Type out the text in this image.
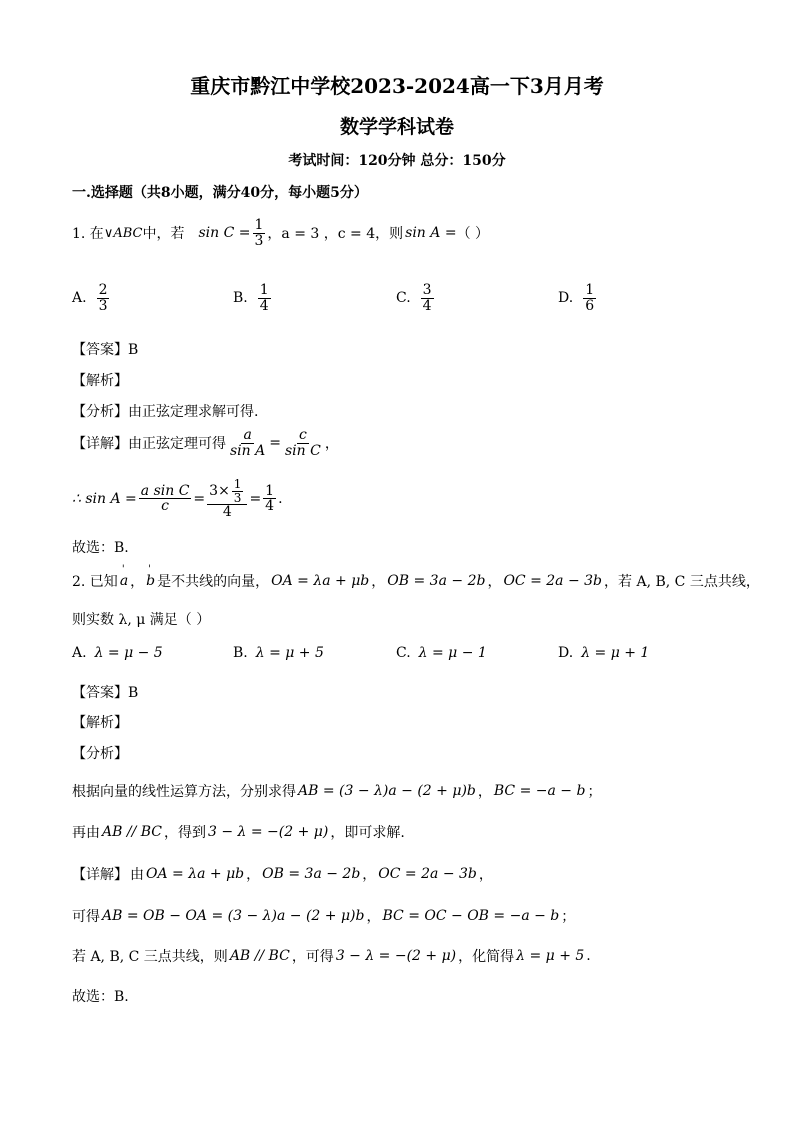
重庆市黔江中学校2023-2024高一下3月月考
数学学科试卷
考试时间：120分钟 总分：150分
一.选择题（共8小题，满分40分，每小题5分）
1. 在 ∨ABC 中，若 $\sin C = \frac{1}{3}$ ，a = 3 ，c = 4，则 sin A = （ ）
A. $\frac{2}{3}$	B. $\frac{1}{4}$	C. $\frac{3}{4}$	D. $\frac{1}{6}$
【答案】B
【解析】
【分析】由正弦定理求解可得.
【详解】 由正弦定理可得 $\frac{a}{\text{sin A}} = \frac{c}{\text{sin C}}$ ，
∴ $\sin A = \frac{\text{a sin C}}{c} = \frac{3\times \frac{1}{3}}{4} = \frac{1}{4}$ .
故选：B.
2. 已知 ' a ， ' b 是不共线的向量， OA = λa + μb ， OB = 3a − 2b ， OC = 2a − 3b ，若 A, B, C 三点共线，
则实数 λ, μ 满足（ ）
A. λ = μ − 5	B. λ = μ + 5	C. λ = μ − 1	D. λ = μ + 1
【答案】B
【解析】
【分析】
根据向量的线性运算方法，分别求得 AB = (3 − λ)a − (2 + μ)b ， BC = −a − b ；
再由 AB // BC ，得到 3 − λ = −(2 + μ) ，即可求解.
【详解】 由 OA = λa + μb ， OB = 3a − 2b ， OC = 2a − 3b ，
可得 AB = OB − OA = (3 − λ)a − (2 + μ)b ， BC = OC − OB = −a − b ；
若 A, B, C 三点共线，则 AB // BC ，可得 3 − λ = −(2 + μ) ，化简得 λ = μ + 5 .
故选：B.
